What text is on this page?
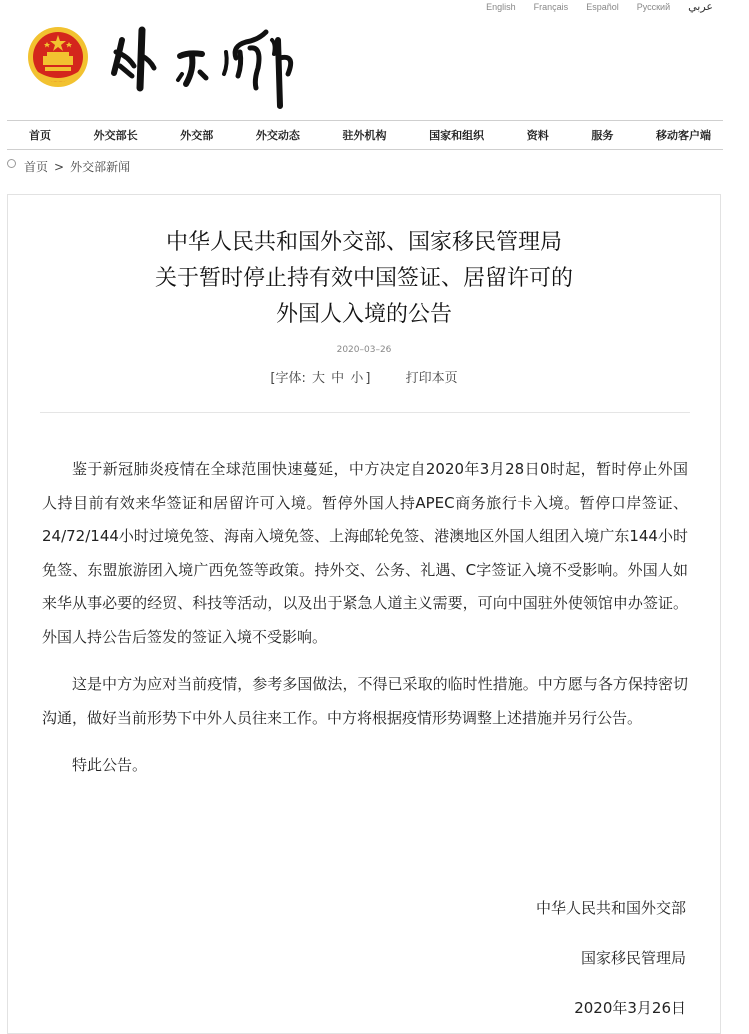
English Français Español Русский عربي
首页	外交部长	外交部	外交动态	驻外机构	国家和组织	资料	服务	移动客户端
首页 > 外交部新闻
中华人民共和国外交部、国家移民管理局
关于暂时停止持有效中国签证、居留许可的
外国人入境的公告
2020–03–26
[字体: 大 中 小 ]	打印本页

鉴于新冠肺炎疫情在全球范围快速蔓延，中方决定自2020年3月28日0时起，暂时停止外国人持目前有效来华签证和居留许可入境。暂停外国人持APEC商务旅行卡入境。暂停口岸签证、24/72/144小时过境免签、海南入境免签、上海邮轮免签、港澳地区外国人组团入境广东144小时免签、东盟旅游团入境广西免签等政策。持外交、公务、礼遇、C字签证入境不受影响。外国人如来华从事必要的经贸、科技等活动，以及出于紧急人道主义需要，可向中国驻外使领馆申办签证。外国人持公告后签发的签证入境不受影响。

这是中方为应对当前疫情，参考多国做法，不得已采取的临时性措施。中方愿与各方保持密切沟通，做好当前形势下中外人员往来工作。中方将根据疫情形势调整上述措施并另行公告。

特此公告。

中华人民共和国外交部
国家移民管理局
2020年3月26日
